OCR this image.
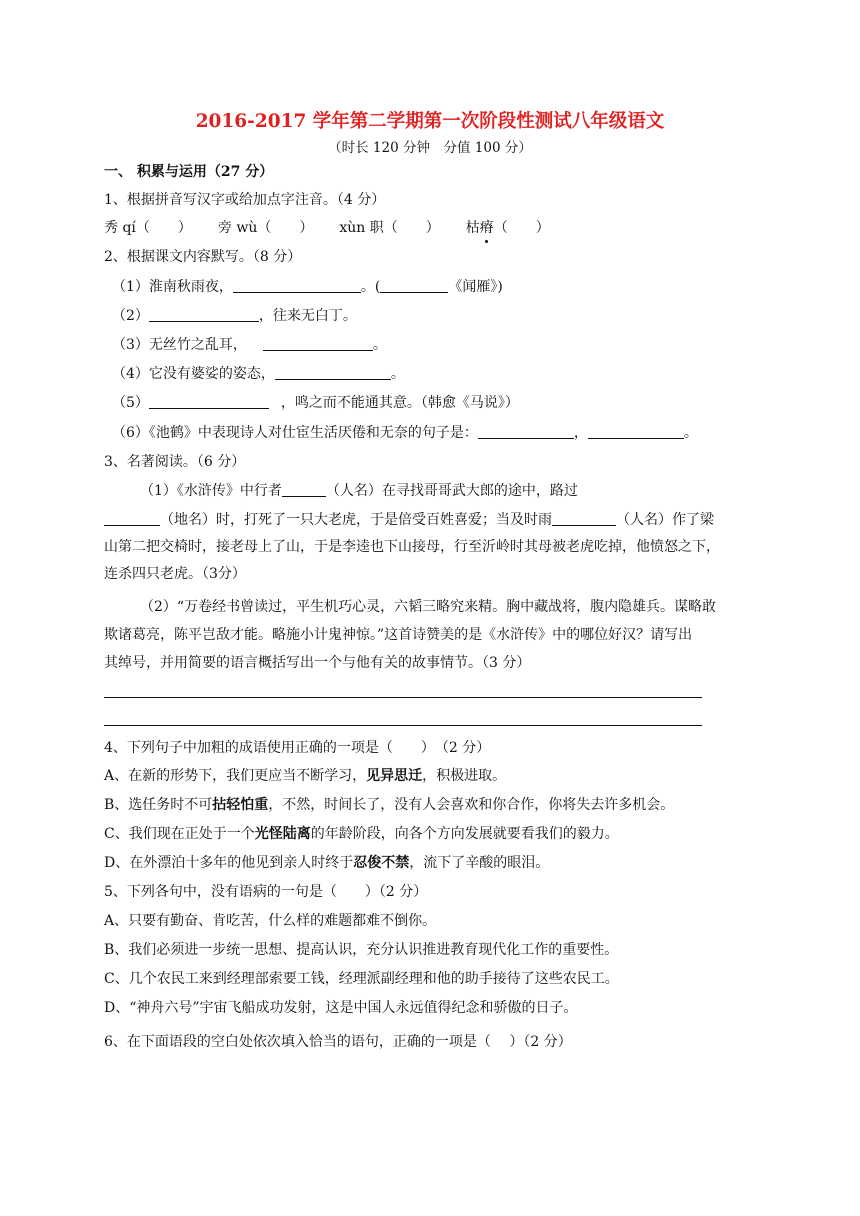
2016-2017 学年第二学期第一次阶段性测试八年级语文
（时长 120 分钟　分值 100 分）
一、 积累与运用（27 分）
1、根据拼音写汉字或给加点字注音。（4 分）
秀 qí（　　） 旁 wù（　　） xùn 职（　　） 枯瘠（　　）
2、根据课文内容默写。（8 分）
（1）淮南秋雨夜，	。(	《闻雁》)
（2）	，往来无白丁。
（3）无丝竹之乱耳，	。
（4）它没有婆娑的姿态，	。
（5）	，鸣之而不能通其意。（韩愈《马说》）
（6）《池鹤》中表现诗人对仕宦生活厌倦和无奈的句子是：	，	。
3、名著阅读。（6 分）
（1）《水浒传》中行者	（人名）在寻找哥哥武大郎的途中，路过
（地名）时，打死了一只大老虎，于是倍受百姓喜爱；当及时雨	（人名）作了梁
山第二把交椅时，接老母上了山，于是李逵也下山接母，行至沂岭时其母被老虎吃掉，他愤怒之下，
连杀四只老虎。（3分）
（2）“万卷经书曾读过，平生机巧心灵，六韬三略究来精。胸中藏战将，腹内隐雄兵。谋略敢
欺诸葛亮，陈平岂敌才能。略施小计鬼神惊。”这首诗赞美的是《水浒传》中的哪位好汉？请写出
其绰号，并用简要的语言概括写出一个与他有关的故事情节。（3 分）
4、下列句子中加粗的成语使用正确的一项是（　　）　（2 分）
A、在新的形势下，我们更应当不断学习，见异思迁，积极进取。
B、选任务时不可拈轻怕重，不然，时间长了，没有人会喜欢和你合作，你将失去许多机会。
C、我们现在正处于一个光怪陆离的年龄阶段，向各个方向发展就要看我们的毅力。
D、在外漂泊十多年的他见到亲人时终于忍俊不禁，流下了辛酸的眼泪。
5、下列各句中，没有语病的一句是（　　）（2 分）
A、只要有勤奋、肯吃苦，什么样的难题都难不倒你。
B、我们必须进一步统一思想、提高认识，充分认识推进教育现代化工作的重要性。
C、几个农民工来到经理部索要工钱，经理派副经理和他的助手接待了这些农民工。
D、“神舟六号”宇宙飞船成功发射，这是中国人永远值得纪念和骄傲的日子。
6、在下面语段的空白处依次填入恰当的语句，正确的一项是（　 ）（2 分）
